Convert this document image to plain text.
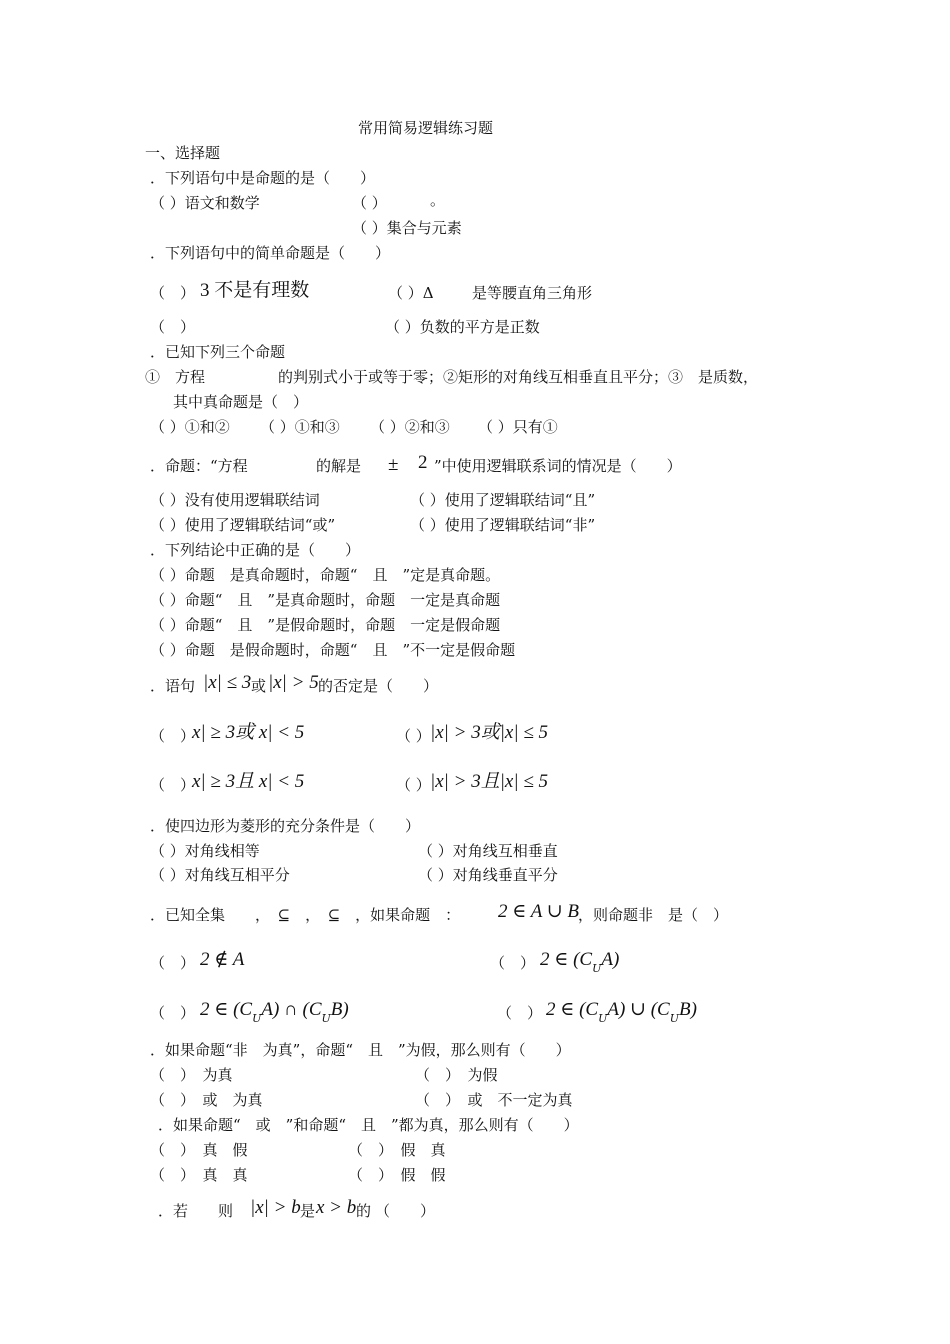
常用简易逻辑练习题
一、选择题
．下列语句中是命题的是（　　）
（ ）语文和数学	（ ）	。
（ ）集合与元素
．下列语句中的简单命题是（　　）
（　） 3 不是有理数	（ ）Δ	是等腰直角三角形
（　）	（ ）负数的平方是正数
．已知下列三个命题
①　方程	的判别式小于或等于零；②矩形的对角线互相垂直且平分；③　是质数，
其中真命题是（　）
（ ）①和② （ ）①和③ （ ）②和③ （ ）只有①
．命题：“方程	的解是 ± 2 ”中使用逻辑联系词的情况是（　　）
（ ）没有使用逻辑联结词	（ ）使用了逻辑联结词“且”
（ ）使用了逻辑联结词“或”	（ ）使用了逻辑联结词“非”
．下列结论中正确的是（　　）
（ ）命题　是真命题时，命题“　且　”定是真命题。
（ ）命题“　且　”是真命题时，命题　一定是真命题
（ ）命题“　且　”是假命题时，命题　一定是假命题
（ ）命题　是假命题时，命题“　且　”不一定是假命题
．语句 |x| ≤ 3 或 |x| > 5 的否定是（　　）
（　）
x| ≥ 3或 x| < 5	（ ） |x| > 3或|x| ≤ 5
（　）
x| ≥ 3且 x| < 5	（ ） |x| > 3且|x| ≤ 5
．使四边形为菱形的充分条件是（　　）
（ ）对角线相等	（ ）对角线互相垂直
（ ）对角线互相平分	（ ）对角线垂直平分
．已知全集　　，　⊆　，　⊆　，如果命题　： 2 ∈ A ∪ B
，则命题非　是（　）
（　） 2 ∉ A	（　） 2 ∈ $(C_UA)$
（　） 2 ∈ $(C_UA)$ ∩ $(C_UB)$	（　） 2 ∈ $(C_UA)$ ∪ $(C_UB)$
．如果命题“非　为真”，命题“　且　”为假，那么则有（　　）
（　）　为真	（　）　为假
（　）　或　为真	（　）　或　不一定为真
．如果命题“　或　”和命题“　且　”都为真，那么则有（　　）
（　）　真　假	（　）　假　真
（　）　真　真	（　）　假　假
．若　　则 |x| > b 是 x > b 的 （　　）
